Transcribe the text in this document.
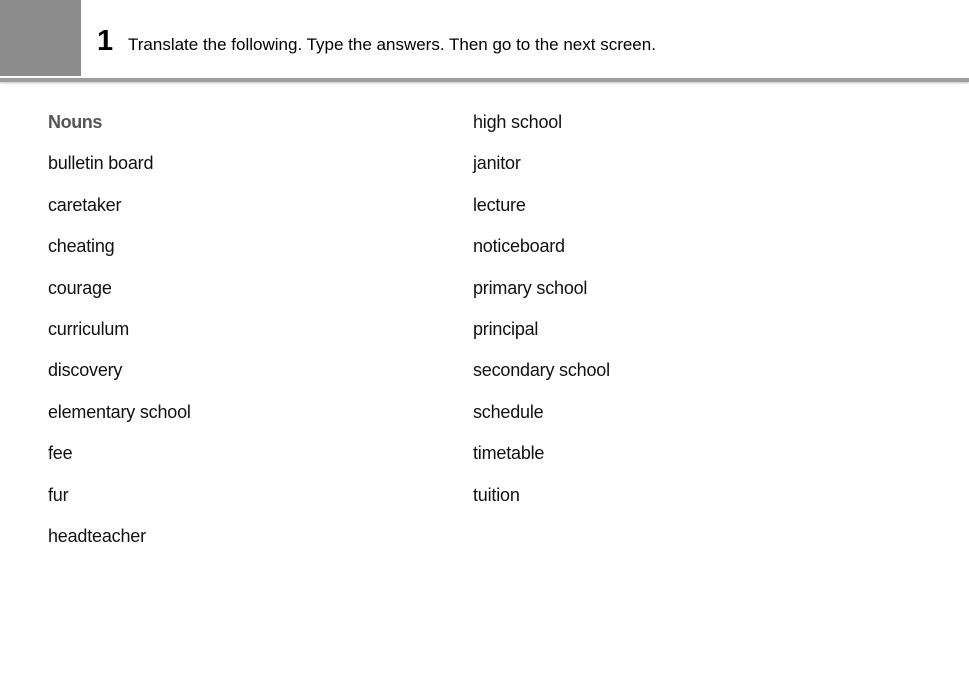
1 Translate the following. Type the answers. Then go to the next screen.
Nouns
bulletin board
caretaker
cheating
courage
curriculum
discovery
elementary school
fee
fur
headteacher
high school
janitor
lecture
noticeboard
primary school
principal
secondary school
schedule
timetable
tuition
